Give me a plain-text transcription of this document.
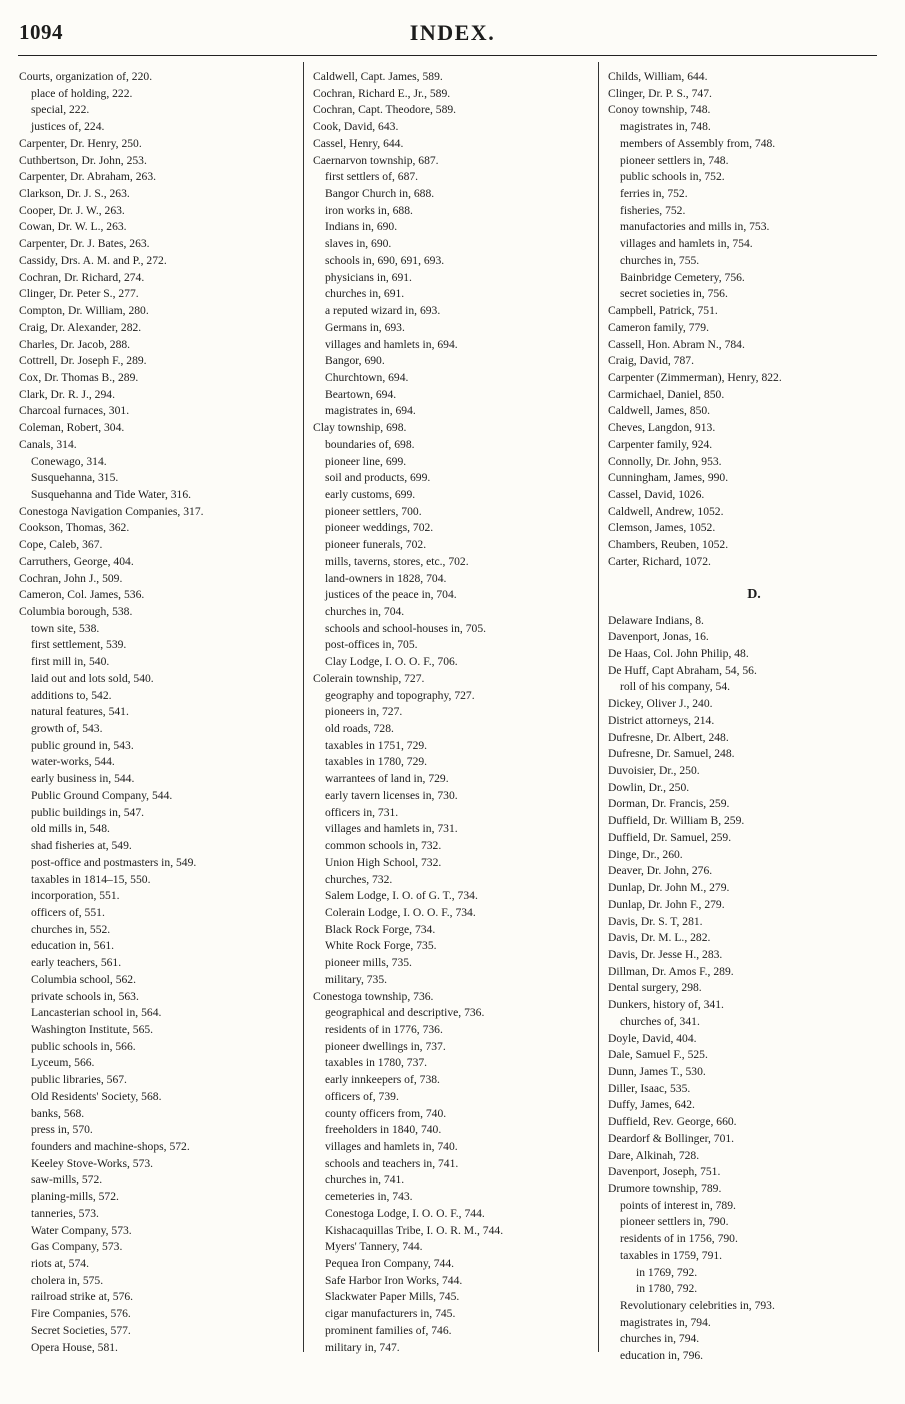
1094	INDEX.
Courts, organization of, 220.
place of holding, 222.
special, 222.
justices of, 224.
Carpenter, Dr. Henry, 250.
Cuthbertson, Dr. John, 253.
Carpenter, Dr. Abraham, 263.
Clarkson, Dr. J. S., 263.
Cooper, Dr. J. W., 263.
Cowan, Dr. W. L., 263.
Carpenter, Dr. J. Bates, 263.
Cassidy, Drs. A. M. and P., 272.
Cochran, Dr. Richard, 274.
Clinger, Dr. Peter S., 277.
Compton, Dr. William, 280.
Craig, Dr. Alexander, 282.
Charles, Dr. Jacob, 288.
Cottrell, Dr. Joseph F., 289.
Cox, Dr. Thomas B., 289.
Clark, Dr. R. J., 294.
Charcoal furnaces, 301.
Coleman, Robert, 304.
Canals, 314.
Conewago, 314.
Susquehanna, 315.
Susquehanna and Tide Water, 316.
Conestoga Navigation Companies, 317.
Cookson, Thomas, 362.
Cope, Caleb, 367.
Carruthers, George, 404.
Cochran, John J., 509.
Cameron, Col. James, 536.
Columbia borough, 538.
town site, 538.
first settlement, 539.
first mill in, 540.
laid out and lots sold, 540.
additions to, 542.
natural features, 541.
growth of, 543.
public ground in, 543.
water-works, 544.
early business in, 544.
Public Ground Company, 544.
public buildings in, 547.
old mills in, 548.
shad fisheries at, 549.
post-office and postmasters in, 549.
taxables in 1814–15, 550.
incorporation, 551.
officers of, 551.
churches in, 552.
education in, 561.
early teachers, 561.
Columbia school, 562.
private schools in, 563.
Lancasterian school in, 564.
Washington Institute, 565.
public schools in, 566.
Lyceum, 566.
public libraries, 567.
Old Residents' Society, 568.
banks, 568.
press in, 570.
founders and machine-shops, 572.
Keeley Stove-Works, 573.
saw-mills, 572.
planing-mills, 572.
tanneries, 573.
Water Company, 573.
Gas Company, 573.
riots at, 574.
cholera in, 575.
railroad strike at, 576.
Fire Companies, 576.
Secret Societies, 577.
Opera House, 581.
Caldwell, Capt. James, 589.
Cochran, Richard E., Jr., 589.
Cochran, Capt. Theodore, 589.
Cook, David, 643.
Cassel, Henry, 644.
Caernarvon township, 687.
first settlers of, 687.
Bangor Church in, 688.
iron works in, 688.
Indians in, 690.
slaves in, 690.
schools in, 690, 691, 693.
physicians in, 691.
churches in, 691.
a reputed wizard in, 693.
Germans in, 693.
villages and hamlets in, 694.
Bangor, 690.
Churchtown, 694.
Beartown, 694.
magistrates in, 694.
Clay township, 698.
boundaries of, 698.
pioneer line, 699.
soil and products, 699.
early customs, 699.
pioneer settlers, 700.
pioneer weddings, 702.
pioneer funerals, 702.
mills, taverns, stores, etc., 702.
land-owners in 1828, 704.
justices of the peace in, 704.
churches in, 704.
schools and school-houses in, 705.
post-offices in, 705.
Clay Lodge, I. O. O. F., 706.
Colerain township, 727.
geography and topography, 727.
pioneers in, 727.
old roads, 728.
taxables in 1751, 729.
taxables in 1780, 729.
warrantees of land in, 729.
early tavern licenses in, 730.
officers in, 731.
villages and hamlets in, 731.
common schools in, 732.
Union High School, 732.
churches, 732.
Salem Lodge, I. O. of G. T., 734.
Colerain Lodge, I. O. O. F., 734.
Black Rock Forge, 734.
White Rock Forge, 735.
pioneer mills, 735.
military, 735.
Conestoga township, 736.
geographical and descriptive, 736.
residents of in 1776, 736.
pioneer dwellings in, 737.
taxables in 1780, 737.
early innkeepers of, 738.
officers of, 739.
county officers from, 740.
freeholders in 1840, 740.
villages and hamlets in, 740.
schools and teachers in, 741.
churches in, 741.
cemeteries in, 743.
Conestoga Lodge, I. O. O. F., 744.
Kishacaquillas Tribe, I. O. R. M., 744.
Myers' Tannery, 744.
Pequea Iron Company, 744.
Safe Harbor Iron Works, 744.
Slackwater Paper Mills, 745.
cigar manufacturers in, 745.
prominent families of, 746.
military in, 747.
Childs, William, 644.
Clinger, Dr. P. S., 747.
Conoy township, 748.
magistrates in, 748.
members of Assembly from, 748.
pioneer settlers in, 748.
public schools in, 752.
ferries in, 752.
fisheries, 752.
manufactories and mills in, 753.
villages and hamlets in, 754.
churches in, 755.
Bainbridge Cemetery, 756.
secret societies in, 756.
Campbell, Patrick, 751.
Cameron family, 779.
Cassell, Hon. Abram N., 784.
Craig, David, 787.
Carpenter (Zimmerman), Henry, 822.
Carmichael, Daniel, 850.
Caldwell, James, 850.
Cheves, Langdon, 913.
Carpenter family, 924.
Connolly, Dr. John, 953.
Cunningham, James, 990.
Cassel, David, 1026.
Caldwell, Andrew, 1052.
Clemson, James, 1052.
Chambers, Reuben, 1052.
Carter, Richard, 1072.
D.
Delaware Indians, 8.
Davenport, Jonas, 16.
De Haas, Col. John Philip, 48.
De Huff, Capt Abraham, 54, 56.
roll of his company, 54.
Dickey, Oliver J., 240.
District attorneys, 214.
Dufresne, Dr. Albert, 248.
Dufresne, Dr. Samuel, 248.
Duvoisier, Dr., 250.
Dowlin, Dr., 250.
Dorman, Dr. Francis, 259.
Duffield, Dr. William B, 259.
Duffield, Dr. Samuel, 259.
Dinge, Dr., 260.
Deaver, Dr. John, 276.
Dunlap, Dr. John M., 279.
Dunlap, Dr. John F., 279.
Davis, Dr. S. T, 281.
Davis, Dr. M. L., 282.
Davis, Dr. Jesse H., 283.
Dillman, Dr. Amos F., 289.
Dental surgery, 298.
Dunkers, history of, 341.
churches of, 341.
Doyle, David, 404.
Dale, Samuel F., 525.
Dunn, James T., 530.
Diller, Isaac, 535.
Duffy, James, 642.
Duffield, Rev. George, 660.
Deardorf & Bollinger, 701.
Dare, Alkinah, 728.
Davenport, Joseph, 751.
Drumore township, 789.
points of interest in, 789.
pioneer settlers in, 790.
residents of in 1756, 790.
taxables in 1759, 791.
in 1769, 792.
in 1780, 792.
Revolutionary celebrities in, 793.
magistrates in, 794.
churches in, 794.
education in, 796.
